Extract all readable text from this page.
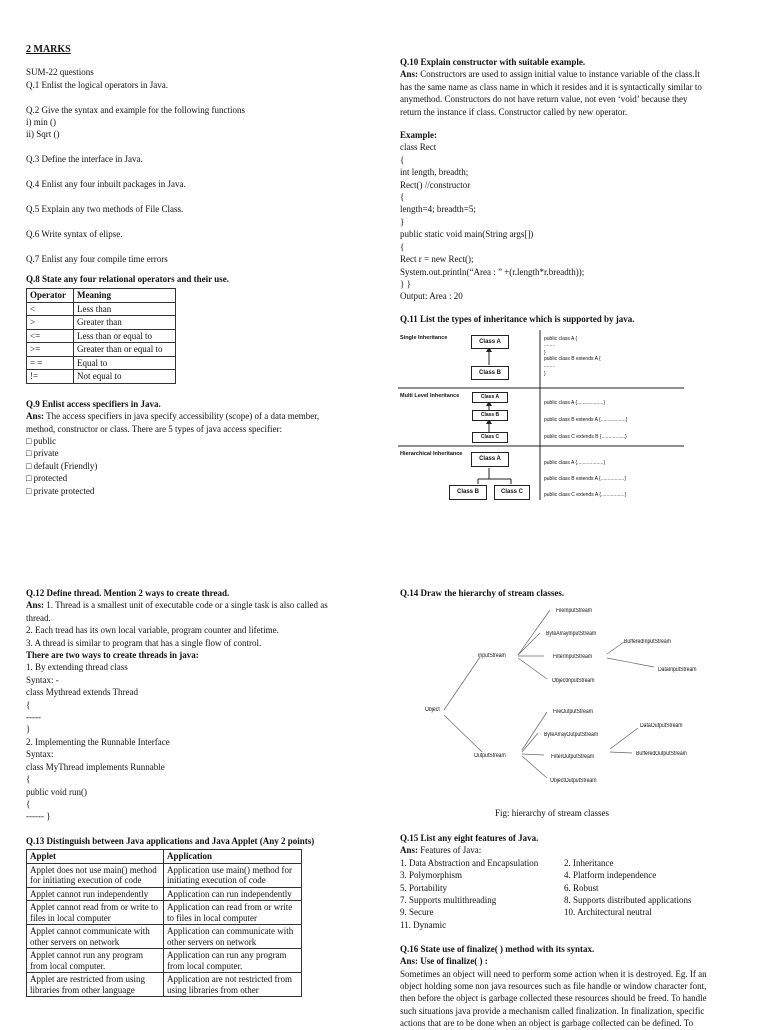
2 MARKS
SUM-22 questions
Q.1 Enlist the logical operators in Java.

Q.2 Give the syntax and example for the following functions
i) min ()
ii) Sqrt ()

Q.3 Define the interface in Java.

Q.4 Enlist any four inbuilt packages in Java.

Q.5 Explain any two methods of File Class.

Q.6 Write syntax of elipse.

Q.7 Enlist any four compile time errors
Q.8 State any four relational operators and their use.
Operator	Meaning
<	Less than
>	Greater than
<=	Less than or equal to
>=	Greater than or equal to
= =	Equal to
!=	Not equal to
Q.9 Enlist access specifiers in Java.
Ans: The access specifiers in java specify accessibility (scope) of a data member,
method, constructor or class. There are 5 types of java access specifier:
□ public
□ private
□ default (Friendly)
□ protected
□ private protected
Q.12 Define thread. Mention 2 ways to create thread.
Ans: 1. Thread is a smallest unit of executable code or a single task is also called as
thread.
2. Each tread has its own local variable, program counter and lifetime.
3. A thread is similar to program that has a single flow of control.
There are two ways to create threads in java:
1. By extending thread class
Syntax: -
class Mythread extends Thread
{
-----
}
2. Implementing the Runnable Interface
Syntax:
class MyThread implements Runnable
{
public void run()
{
------ }
Q.13 Distinguish between Java applications and Java Applet (Any 2 points)
Applet	Application
Applet does not use main() method for initiating execution of code	Application use main() method for initiating execution of code
Applet cannot run independently	Application can run independently
Applet cannot read from or write to files in local computer	Application can read from or write to files in local computer
Applet cannot communicate with other servers on network	Application can communicate with other servers on network
Applet cannot run any program from local computer.	Application can run any program from local computer.
Applet are restricted from using libraries from other language	Application are not restricted from using libraries from other
Q.10 Explain constructor with suitable example.
Ans: Constructors are used to assign initial value to instance variable of the class.It
has the same name as class name in which it resides and it is syntactically similar to
anymethod. Constructors do not have return value, not even ‘void’ because they
return the instance if class. Constructor called by new operator.
Example:
class Rect
{
int length, breadth;
Rect() //constructor
{
length=4; breadth=5;
}
public static void main(String args[])
{
Rect r = new Rect();
System.out.println(“Area : ” +(r.length*r.breadth));
} }
Output: Area : 20
Q.11 List the types of inheritance which is supported by java.
Single Inheritance
Class A
Class B
public class A {
........
}
public class B extends A {
........
}
Multi Level Inheritance	Class A
Class B
Class C
public class A {...................}
public class B extends A {..................}
public class C extends B {.................}
Hierarchical Inheritance
Class A
Class B	Class C
public class A {...................}
public class B extends A {.................}
public class C extends A {.................}
Q.14 Draw the hierarchy of stream classes.
Object
InputStream
OutputStream
FileInputStream
ByteArrayInputStream
FilterInputStream
ObjectInputStream
BufferedInputStream
DataInputStream
FileOutputStream
ByteArrayOutputStream
FilterOutputStream
ObjectOutputStream
DataOutputStream
BufferedOutputStream
Fig: hierarchy of stream classes
Q.15 List any eight features of Java.
Ans: Features of Java:
1. Data Abstraction and Encapsulation
3. Polymorphism
5. Portability
7. Supports multithreading
9. Secure
11. Dynamic
2. Inheritance
4. Platform independence
6. Robust
8. Supports distributed applications
10. Architectural neutral
Q.16 State use of finalize( ) method with its syntax.
Ans: Use of finalize( ) :
Sometimes an object will need to perform some action when it is destroyed. Eg. If an
object holding some non java resources such as file handle or window character font,
then before the object is garbage collected these resources should be freed. To handle
such situations java provide a mechanism called finalization. In finalization, specific
actions that are to be done when an object is garbage collected can be defined. To
